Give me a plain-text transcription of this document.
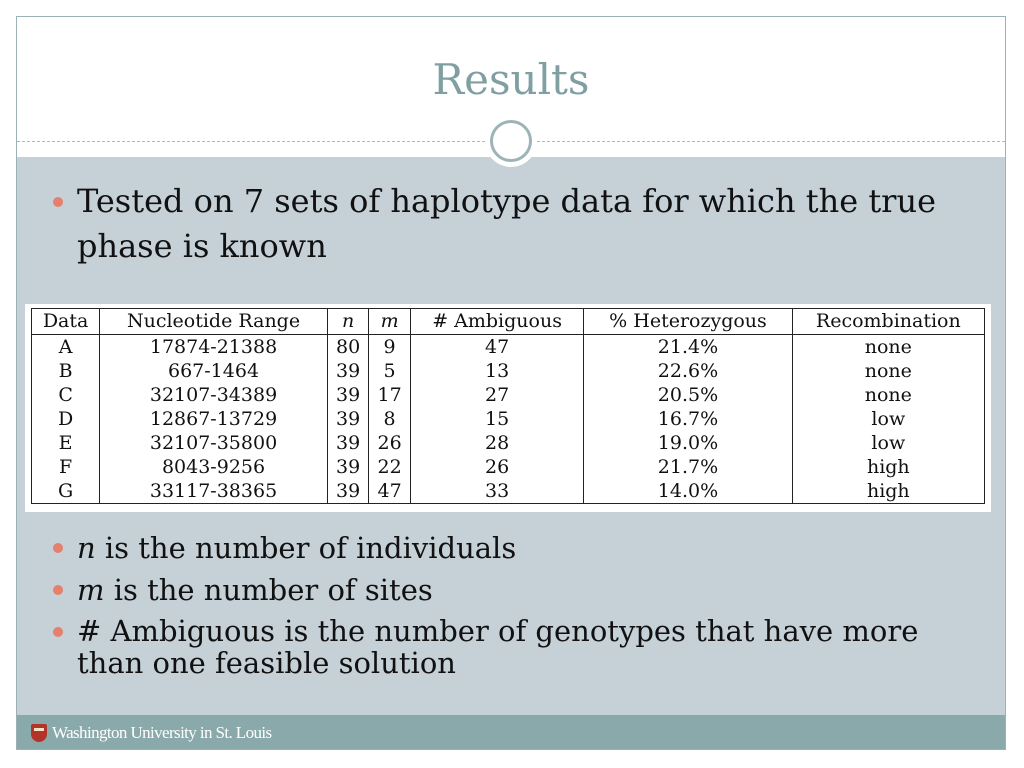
Results
Tested on 7 sets of haplotype data for which the true phase is known
Data	Nucleotide Range	n	m	# Ambiguous	% Heterozygous	Recombination
A	17874-21388	80	9	47	21.4%	none
B	667-1464	39	5	13	22.6%	none
C	32107-34389	39	17	27	20.5%	none
D	12867-13729	39	8	15	16.7%	low
E	32107-35800	39	26	28	19.0%	low
F	8043-9256	39	22	26	21.7%	high
G	33117-38365	39	47	33	14.0%	high
n is the number of individuals
m is the number of sites
# Ambiguous is the number of genotypes that have more than one feasible solution
Washington University in St. Louis
